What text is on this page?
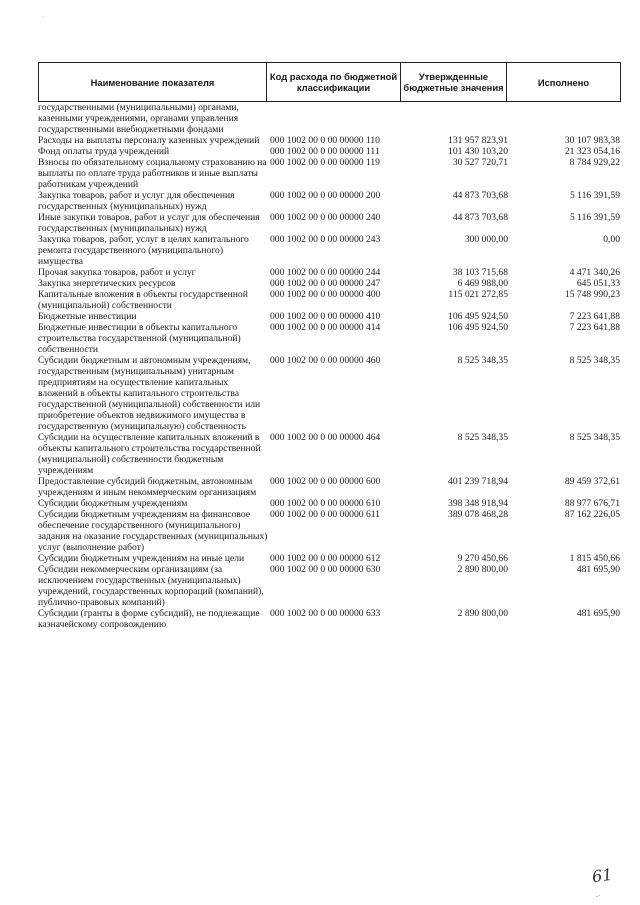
·
Наименование показателя	Код расхода по бюджетной классификации	Утвержденные бюджетные значения	Исполнено
государственными (муниципальными) органами, казенными учреждениями, органами управления государственными внебюджетными фондами			
Расходы на выплаты персоналу казенных учреждений	000 1002 00 0 00 00000 110	131 957 823,91	30 107 983,38
Фонд оплаты труда учреждений	000 1002 00 0 00 00000 111	101 430 103,20	21 323 054,16
Взносы по обязательному социальному страхованию на выплаты по оплате труда работников и иные выплаты работникам учреждений	000 1002 00 0 00 00000 119	30 527 720,71	8 784 929,22
Закупка товаров, работ и услуг для обеспечения государственных (муниципальных) нужд	000 1002 00 0 00 00000 200	44 873 703,68	5 116 391,59
Иные закупки товаров, работ и услуг для обеспечения государственных (муниципальных) нужд	000 1002 00 0 00 00000 240	44 873 703,68	5 116 391,59
Закупка товаров, работ, услуг в целях капитального ремонта государственного (муниципального) имущества	000 1002 00 0 00 00000 243	300 000,00	0,00
Прочая закупка товаров, работ и услуг	000 1002 00 0 00 00000 244	38 103 715,68	4 471 340,26
Закупка энергетических ресурсов	000 1002 00 0 00 00000 247	6 469 988,00	645 051,33
Капитальные вложения в объекты государственной (муниципальной) собственности	000 1002 00 0 00 00000 400	115 021 272,85	15 748 990,23
Бюджетные инвестиции	000 1002 00 0 00 00000 410	106 495 924,50	7 223 641,88
Бюджетные инвестиции в объекты капитального строительства государственной (муниципальной) собственности	000 1002 00 0 00 00000 414	106 495 924,50	7 223 641,88
Субсидии бюджетным и автономным учреждениям, государственным (муниципальным) унитарным предприятиям на осуществление капитальных вложений в объекты капитального строительства государственной (муниципальной) собственности или приобретение объектов недвижимого имущества в государственную (муниципальную) собственность	000 1002 00 0 00 00000 460	8 525 348,35	8 525 348,35
Субсидии на осуществление капитальных вложений в объекты капитального строительства государственной (муниципальной) собственности бюджетным учреждениям	000 1002 00 0 00 00000 464	8 525 348,35	8 525 348,35
Предоставление субсидий бюджетным, автономным учреждениям и иным некоммерческим организациям	000 1002 00 0 00 00000 600	401 239 718,94	89 459 372,61
Субсидии бюджетным учреждениям	000 1002 00 0 00 00000 610	398 348 918,94	88 977 676,71
Субсидии бюджетным учреждениям на финансовое обеспечение государственного (муниципального) задания на оказание государственных (муниципальных) услуг (выполнение работ)	000 1002 00 0 00 00000 611	389 078 468,28	87 162 226,05
Субсидии бюджетным учреждениям на иные цели	000 1002 00 0 00 00000 612	9 270 450,66	1 815 450,66
Субсидии некоммерческим организациям (за исключением государственных (муниципальных) учреждений, государственных корпораций (компаний), публично-правовых компаний)	000 1002 00 0 00 00000 630	2 890 800,00	481 695,90
Субсидии (гранты в форме субсидий), не подлежащие казначейскому сопровождению	000 1002 00 0 00 00000 633	2 890 800,00	481 695,90
61
-·
